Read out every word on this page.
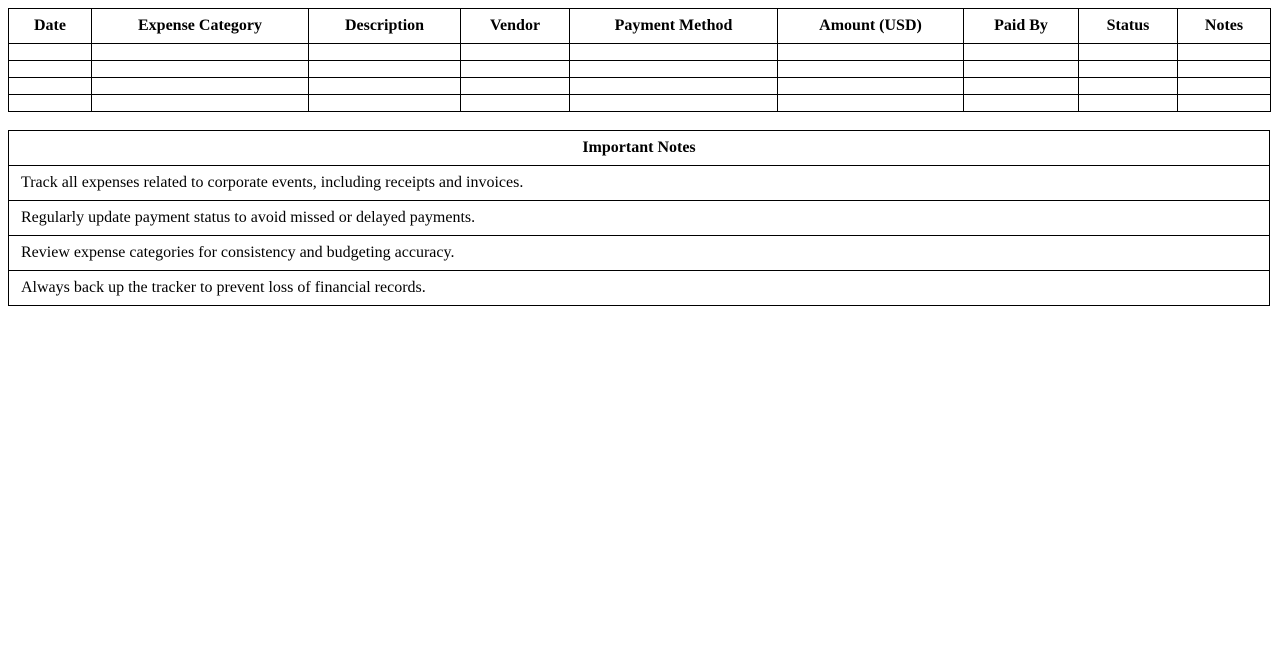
Date	Expense Category	Description	Vendor	Payment Method	Amount (USD)	Paid By	Status	Notes

Important Notes
Track all expenses related to corporate events, including receipts and invoices.
Regularly update payment status to avoid missed or delayed payments.
Review expense categories for consistency and budgeting accuracy.
Always back up the tracker to prevent loss of financial records.
